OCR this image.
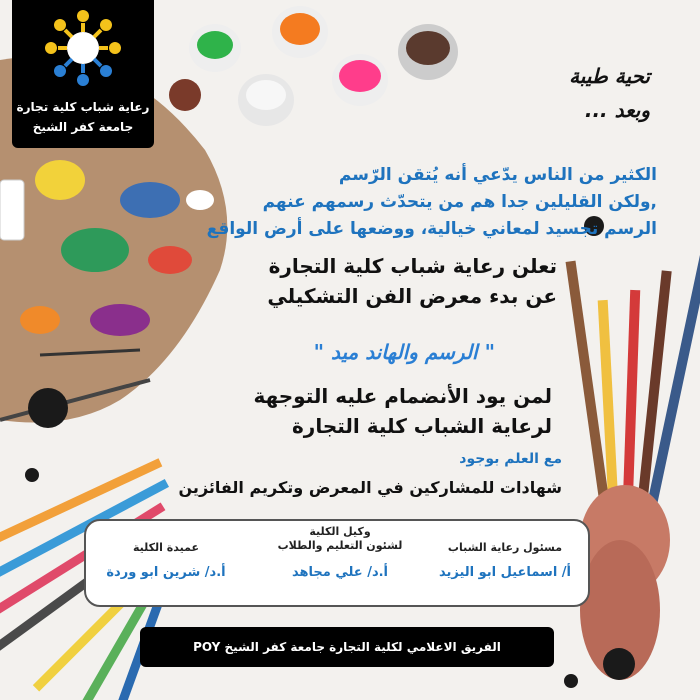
رعاية شباب كلية تجارة
جامعة كفر الشيخ
تحية طيبة
وبعد ...
الكثير من الناس يدّعي أنه يُتقن الرّسم
,ولكن القليلين جدا هم من يتحدّث رسمهم عنهم
الرسم تجسيد لمعاني خيالية، ووضعها على أرض الواقع
تعلن رعاية شباب كلية التجارة
عن بدء معرض الفن التشكيلي
" الرسم والهاند ميد "
لمن يود الأنضمام عليه التوجهة
لرعاية الشباب كلية التجارة
مع العلم بوجود
شهادات للمشاركين في المعرض وتكريم الفائزين
مسئول رعاية الشباب
أ/ اسماعيل ابو اليزيد
وكيل الكلية
لشئون التعليم والطلاب
أ.د/ علي مجاهد
عميدة الكلية
أ.د/ شرين ابو وردة
الفريق الاعلامي لكلية التجارة جامعة كفر الشيخ POY
